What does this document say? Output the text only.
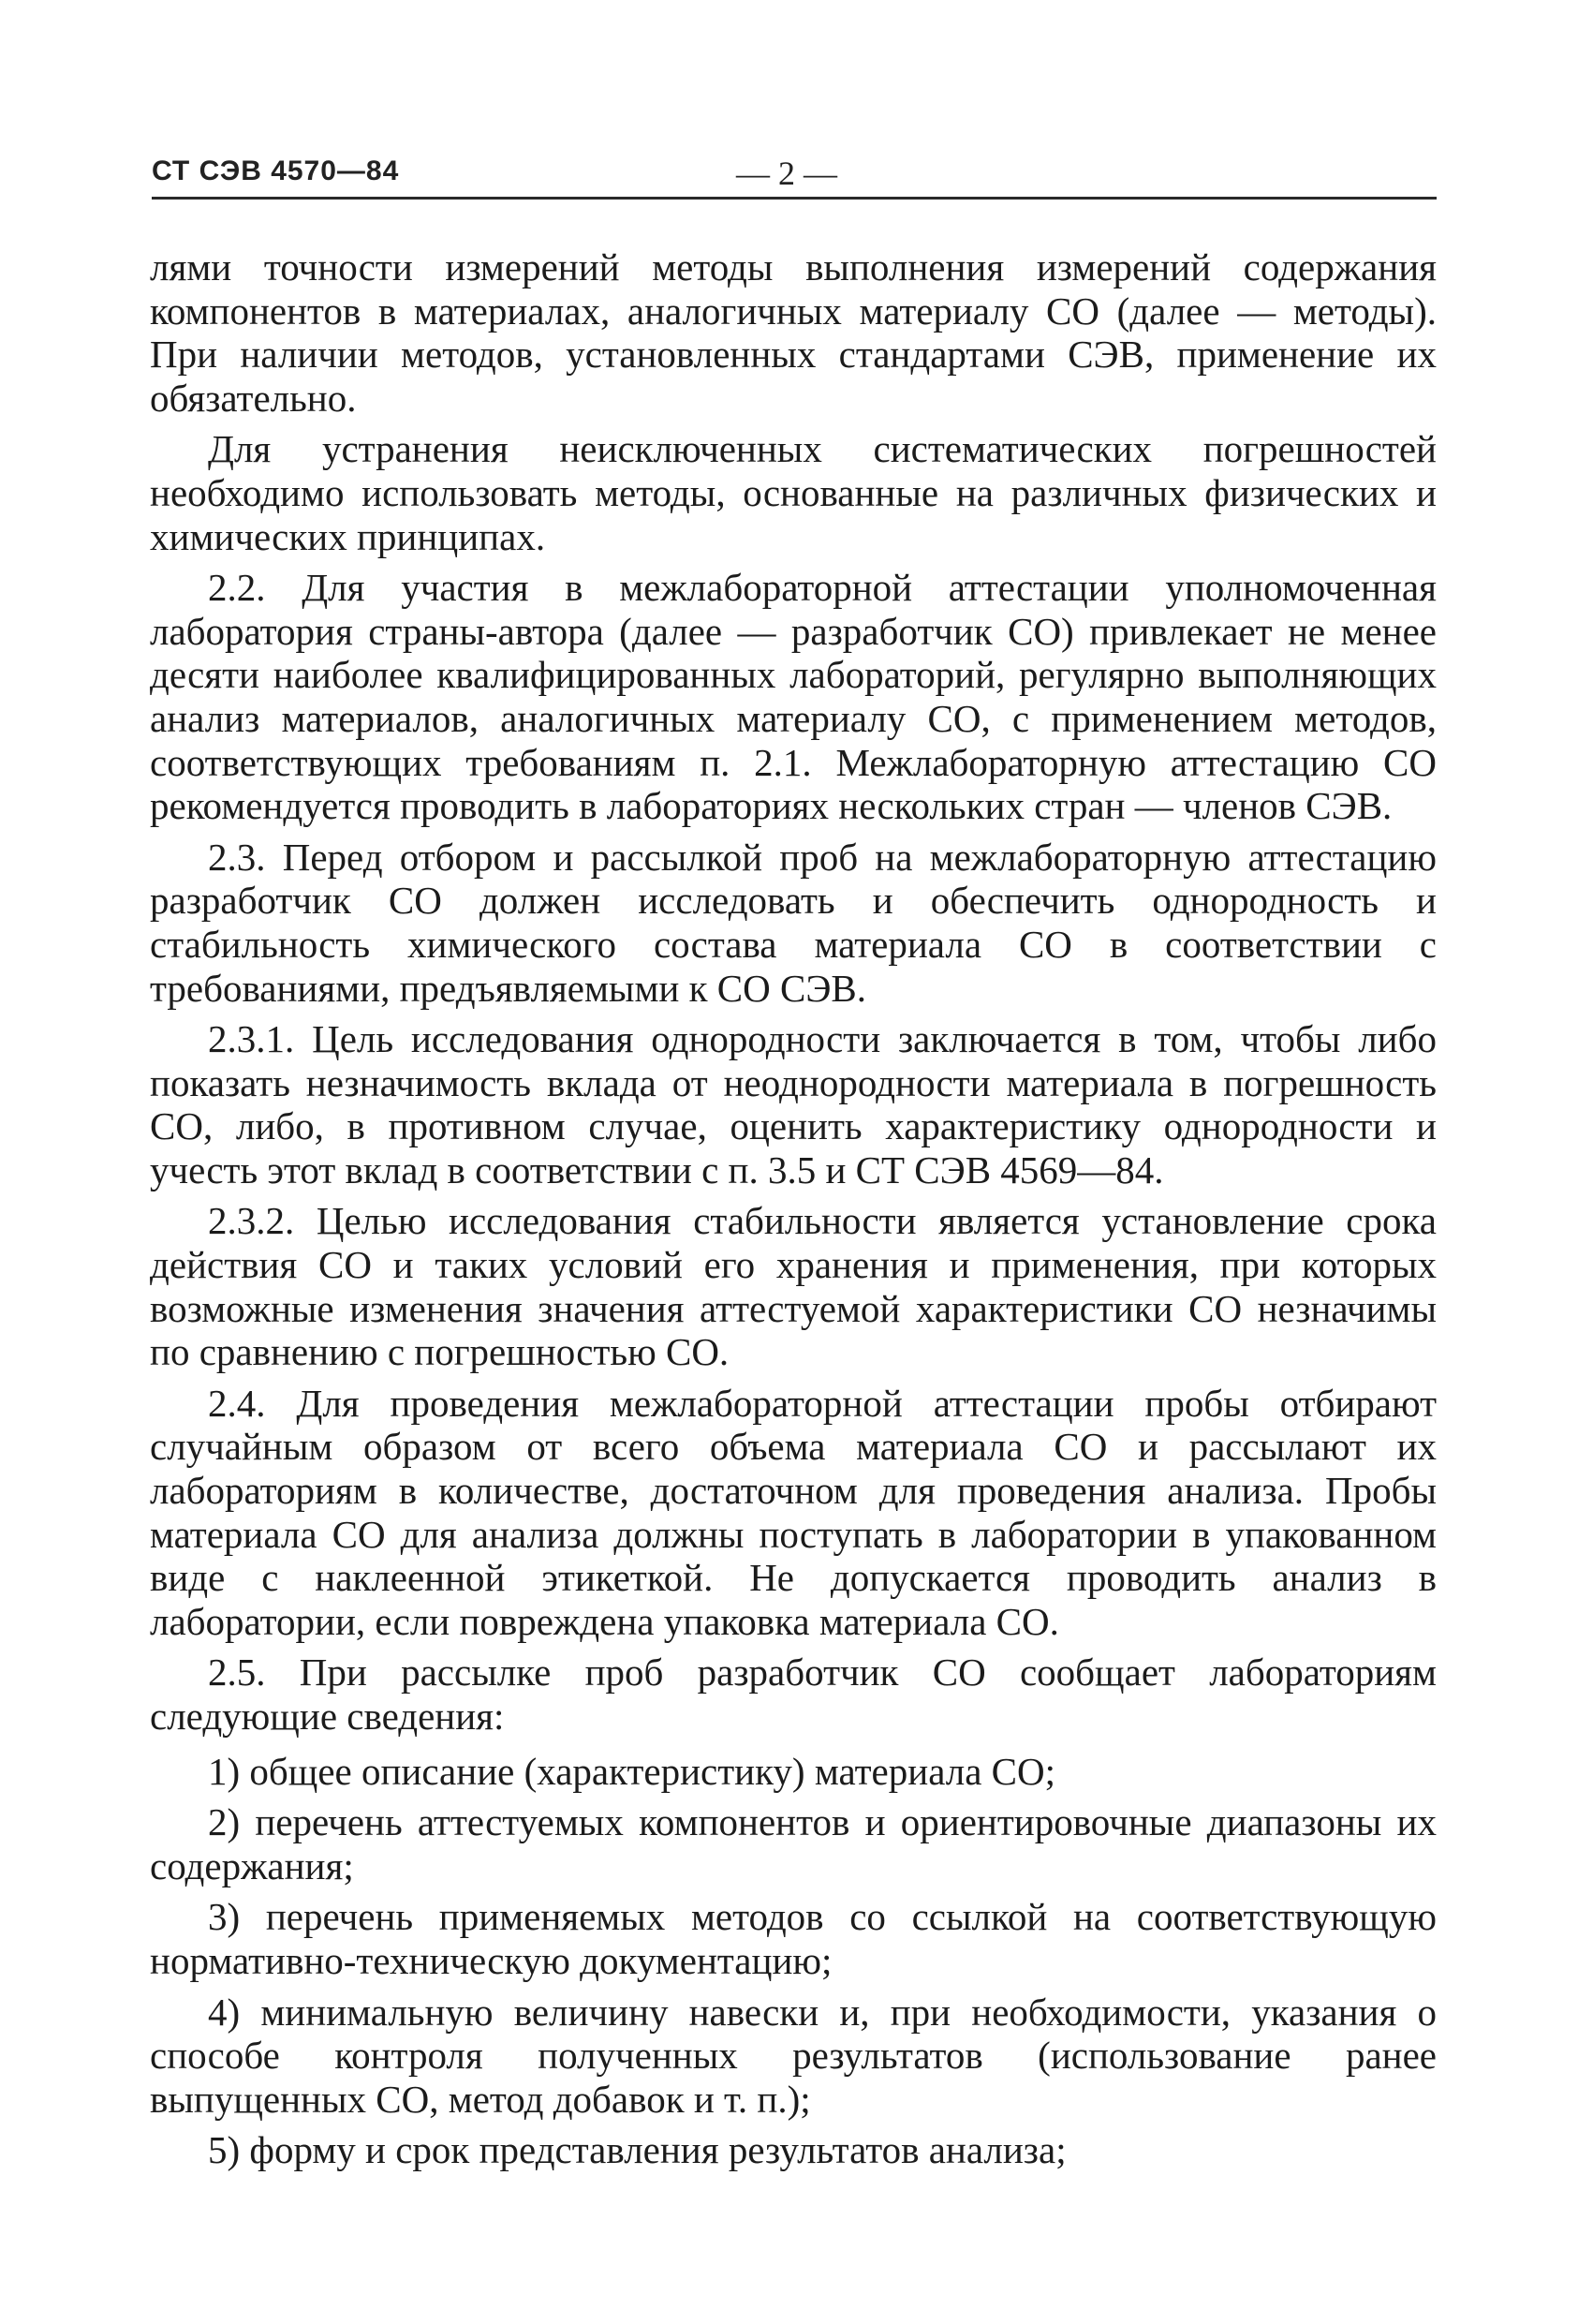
СТ СЭВ 4570—84	— 2 —

лями точности измерений методы выполнения измерений содержания компонентов в материалах, аналогичных материалу СО (далее — методы). При наличии методов, установленных стандартами СЭВ, применение их обязательно.

Для устранения неисключенных систематических погрешностей необходимо использовать методы, основанные на различных физических и химических принципах.

2.2. Для участия в межлабораторной аттестации уполномоченная лаборатория страны-автора (далее — разработчик СО) привлекает не менее десяти наиболее квалифицированных лабораторий, регулярно выполняющих анализ материалов, аналогичных материалу СО, с применением методов, соответствующих требованиям п. 2.1. Межлабораторную аттестацию СО рекомендуется проводить в лабораториях нескольких стран — членов СЭВ.

2.3. Перед отбором и рассылкой проб на межлабораторную аттестацию разработчик СО должен исследовать и обеспечить однородность и стабильность химического состава материала СО в соответствии с требованиями, предъявляемыми к СО СЭВ.

2.3.1. Цель исследования однородности заключается в том, чтобы либо показать незначимость вклада от неоднородности материала в погрешность СО, либо, в противном случае, оценить характеристику однородности и учесть этот вклад в соответствии с п. 3.5 и СТ СЭВ 4569—84.

2.3.2. Целью исследования стабильности является установление срока действия СО и таких условий его хранения и применения, при которых возможные изменения значения аттестуемой характеристики СО незначимы по сравнению с погрешностью СО.

2.4. Для проведения межлабораторной аттестации пробы отбирают случайным образом от всего объема материала СО и рассылают их лабораториям в количестве, достаточном для проведения анализа. Пробы материала СО для анализа должны поступать в лаборатории в упакованном виде с наклеенной этикеткой. Не допускается проводить анализ в лаборатории, если повреждена упаковка материала СО.

2.5. При рассылке проб разработчик СО сообщает лабораториям следующие сведения:

1) общее описание (характеристику) материала СО;
2) перечень аттестуемых компонентов и ориентировочные диапазоны их содержания;
3) перечень применяемых методов со ссылкой на соответствующую нормативно-техническую документацию;
4) минимальную величину навески и, при необходимости, указания о способе контроля полученных результатов (использование ранее выпущенных СО, метод добавок и т. п.);
5) форму и срок представления результатов анализа;
